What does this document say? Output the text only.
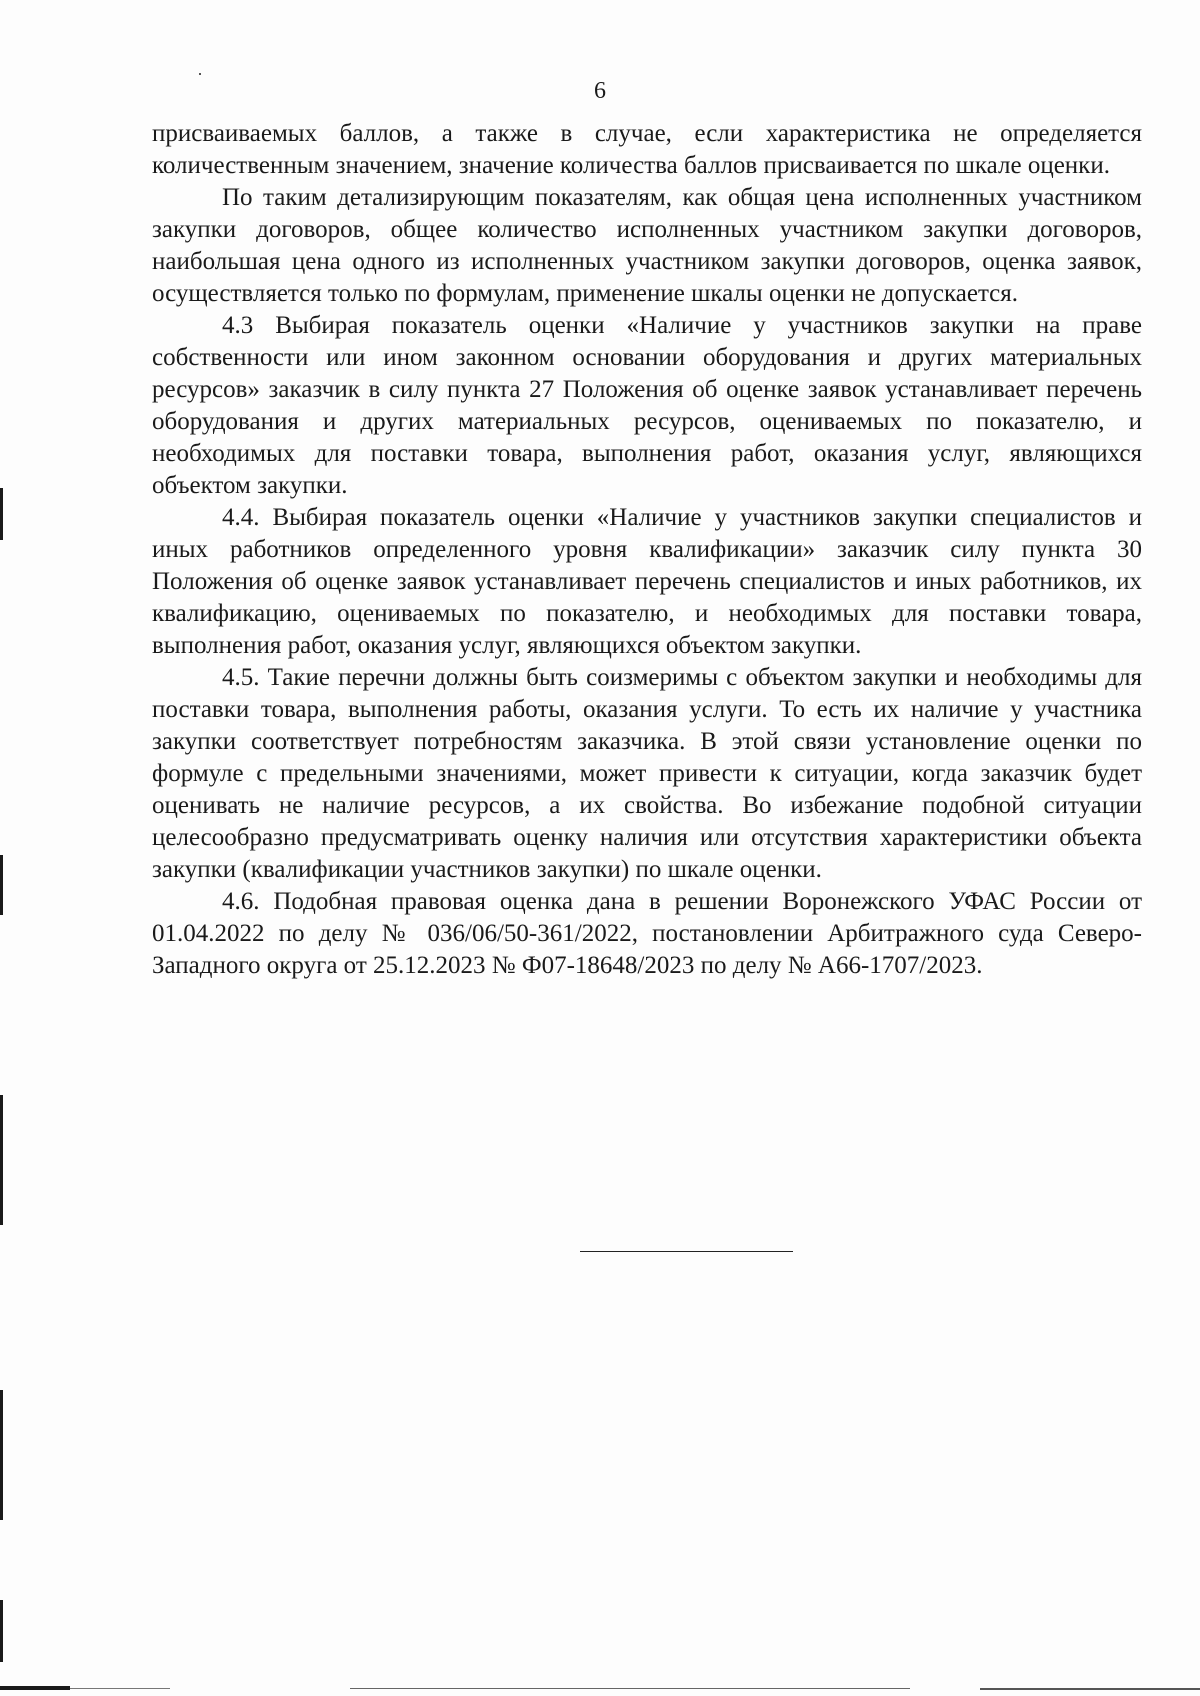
6

присваиваемых баллов, а также в случае, если характеристика не определяется количественным значением, значение количества баллов присваивается по шкале оценки.

По таким детализирующим показателям, как общая цена исполненных участником закупки договоров, общее количество исполненных участником закупки договоров, наибольшая цена одного из исполненных участником закупки договоров, оценка заявок, осуществляется только по формулам, применение шкалы оценки не допускается.

4.3 Выбирая показатель оценки «Наличие у участников закупки на праве собственности или ином законном основании оборудования и других материальных ресурсов» заказчик в силу пункта 27 Положения об оценке заявок устанавливает перечень оборудования и других материальных ресурсов, оцениваемых по показателю, и необходимых для поставки товара, выполнения работ, оказания услуг, являющихся объектом закупки.

4.4. Выбирая показатель оценки «Наличие у участников закупки специалистов и иных работников определенного уровня квалификации» заказчик силу пункта 30 Положения об оценке заявок устанавливает перечень специалистов и иных работников, их квалификацию, оцениваемых по показателю, и необходимых для поставки товара, выполнения работ, оказания услуг, являющихся объектом закупки.

4.5. Такие перечни должны быть соизмеримы с объектом закупки и необходимы для поставки товара, выполнения работы, оказания услуги. То есть их наличие у участника закупки соответствует потребностям заказчика. В этой связи установление оценки по формуле с предельными значениями, может привести к ситуации, когда заказчик будет оценивать не наличие ресурсов, а их свойства. Во избежание подобной ситуации целесообразно предусматривать оценку наличия или отсутствия характеристики объекта закупки (квалификации участников закупки) по шкале оценки.

4.6. Подобная правовая оценка дана в решении Воронежского УФАС России от 01.04.2022 по делу № 036/06/50-361/2022, постановлении Арбитражного суда Северо-Западного округа от 25.12.2023 № Ф07-18648/2023 по делу № А66-1707/2023.
